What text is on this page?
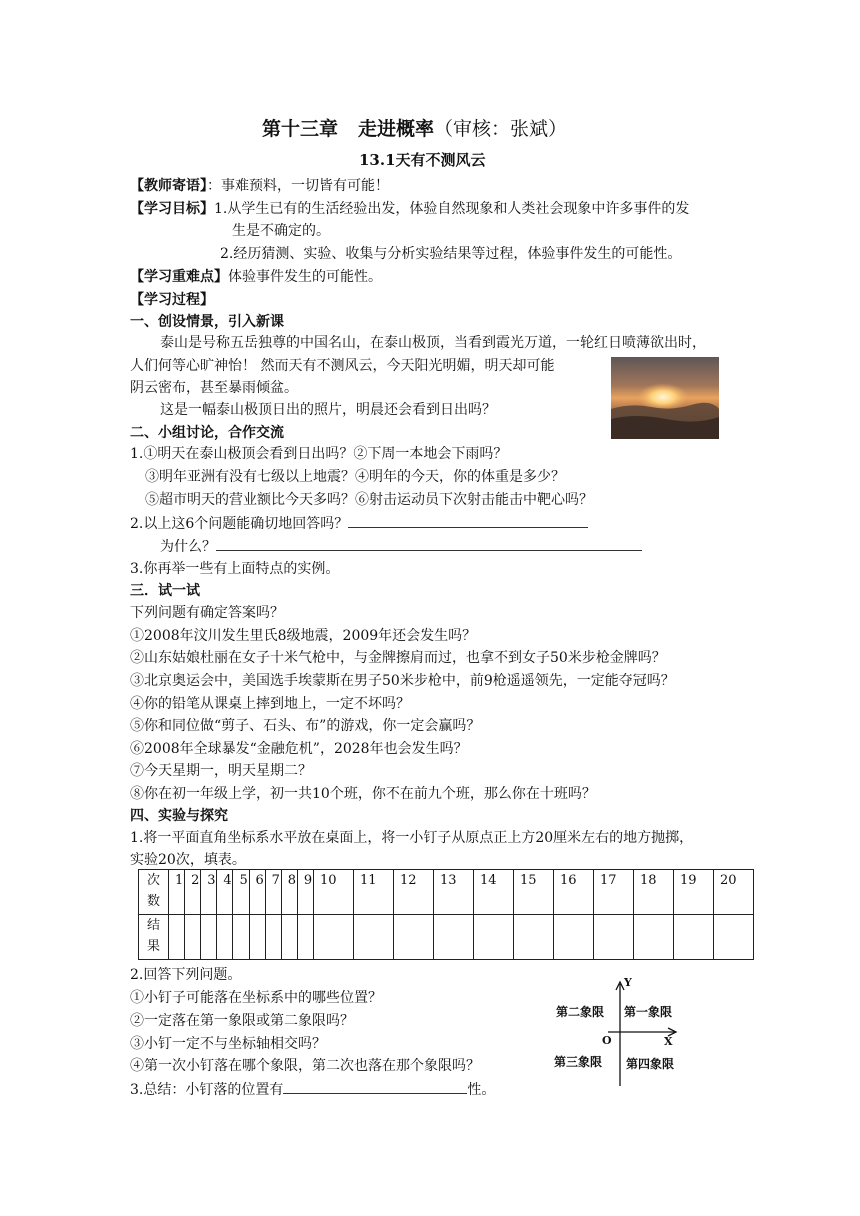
第十三章 走进概率（审核：张斌）
13.1天有不测风云
【教师寄语】：事难预料，一切皆有可能！
【学习目标】1.从学生已有的生活经验出发，体验自然现象和人类社会现象中许多事件的发
生是不确定的。
2.经历猜测、实验、收集与分析实验结果等过程，体验事件发生的可能性。
【学习重难点】体验事件发生的可能性。
【学习过程】
一、创设情景，引入新课
泰山是号称五岳独尊的中国名山，在泰山极顶，当看到霞光万道，一轮红日喷薄欲出时，
人们何等心旷神怡！ 然而天有不测风云，今天阳光明媚，明天却可能
阴云密布，甚至暴雨倾盆。
这是一幅泰山极顶日出的照片，明晨还会看到日出吗？
二、小组讨论，合作交流
1.①明天在泰山极顶会看到日出吗？②下周一本地会下雨吗？
③明年亚洲有没有七级以上地震？④明年的今天，你的体重是多少？
⑤超市明天的营业额比今天多吗？⑥射击运动员下次射击能击中靶心吗？
2.以上这6个问题能确切地回答吗？
为什么？
3.你再举一些有上面特点的实例。
三．试一试
下列问题有确定答案吗？
①2008年汶川发生里氏8级地震，2009年还会发生吗？
②山东姑娘杜丽在女子十米气枪中，与金牌擦肩而过，也拿不到女子50米步枪金牌吗？
③北京奥运会中，美国选手埃蒙斯在男子50米步枪中，前9枪遥遥领先，一定能夺冠吗？
④你的铅笔从课桌上摔到地上，一定不坏吗？
⑤你和同位做“剪子、石头、布”的游戏，你一定会赢吗？
⑥2008年全球暴发“金融危机”，2028年也会发生吗？
⑦今天星期一，明天星期二？
⑧你在初一年级上学，初一共10个班，你不在前九个班，那么你在十班吗？
四、实验与探究
1.将一平面直角坐标系水平放在桌面上，将一小钉子从原点正上方20厘米左右的地方抛掷，
实验20次，填表。
次数	1	2	3	4	5	6	7	8	9	10	11	12	13	14	15	16	17	18	19	20
结果																				
2.回答下列问题。
①小钉子可能落在坐标系中的哪些位置？
②一定落在第一象限或第二象限吗？
③小钉一定不与坐标轴相交吗？
④第一次小钉落在哪个象限，第二次也落在那个象限吗？
3.总结：小钉落的位置有	性。
Y
X
O
第二象限 第一象限
第三象限 第四象限
